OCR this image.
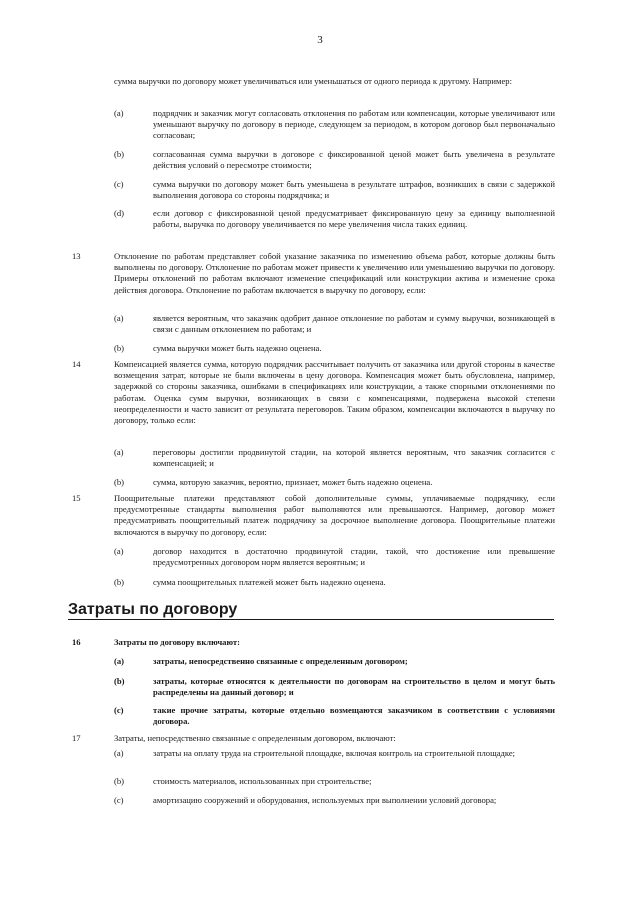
3
сумма выручки по договору может увеличиваться или уменьшаться от одного периода к другому. Например:
(a)	подрядчик и заказчик могут согласовать отклонения по работам или компенсации, которые увеличивают или уменьшают выручку по договору в периоде, следующем за периодом, в котором договор был первоначально согласован;
(b)	согласованная сумма выручки в договоре с фиксированной ценой может быть увеличена в результате действия условий о пересмотре стоимости;
(c)	сумма выручки по договору может быть уменьшена в результате штрафов, возникших в связи с задержкой выполнения договора со стороны подрядчика; и
(d)	если договор с фиксированной ценой предусматривает фиксированную цену за единицу выполненной работы, выручка по договору увеличивается по мере увеличения числа таких единиц.
13	Отклонение по работам представляет собой указание заказчика по изменению объема работ, которые должны быть выполнены по договору. Отклонение по работам может привести к увеличению или уменьшению выручки по договору. Примеры отклонений по работам включают изменение спецификаций или конструкции актива и изменение срока действия договора. Отклонение по работам включается в выручку по договору, если:
(a)	является вероятным, что заказчик одобрит данное отклонение по работам и сумму выручки, возникающей в связи с данным отклонением по работам; и
(b)	сумма выручки может быть надежно оценена.
14	Компенсацией является сумма, которую подрядчик рассчитывает получить от заказчика или другой стороны в качестве возмещения затрат, которые не были включены в цену договора. Компенсация может быть обусловлена, например, задержкой со стороны заказчика, ошибками в спецификациях или конструкции, а также спорными отклонениями по работам. Оценка сумм выручки, возникающих в связи с компенсациями, подвержена высокой степени неопределенности и часто зависит от результата переговоров. Таким образом, компенсации включаются в выручку по договору, только если:
(a)	переговоры достигли продвинутой стадии, на которой является вероятным, что заказчик согласится с компенсацией; и
(b)	сумма, которую заказчик, вероятно, признает, может быть надежно оценена.
15	Поощрительные платежи представляют собой дополнительные суммы, уплачиваемые подрядчику, если предусмотренные стандарты выполнения работ выполняются или превышаются. Например, договор может предусматривать поощрительный платеж подрядчику за досрочное выполнение договора. Поощрительные платежи включаются в выручку по договору, если:
(a)	договор находится в достаточно продвинутой стадии, такой, что достижение или превышение предусмотренных договором норм является вероятным; и
(b)	сумма поощрительных платежей может быть надежно оценена.
Затраты по договору
16	Затраты по договору включают:
(a)	затраты, непосредственно связанные с определенным договором;
(b)	затраты, которые относятся к деятельности по договорам на строительство в целом и могут быть распределены на данный договор; и
(c)	такие прочие затраты, которые отдельно возмещаются заказчиком в соответствии с условиями договора.
17	Затраты, непосредственно связанные с определенным договором, включают:
(a)	затраты на оплату труда на строительной площадке, включая контроль на строительной площадке;
(b)	стоимость материалов, использованных при строительстве;
(c)	амортизацию сооружений и оборудования, используемых при выполнении условий договора;
